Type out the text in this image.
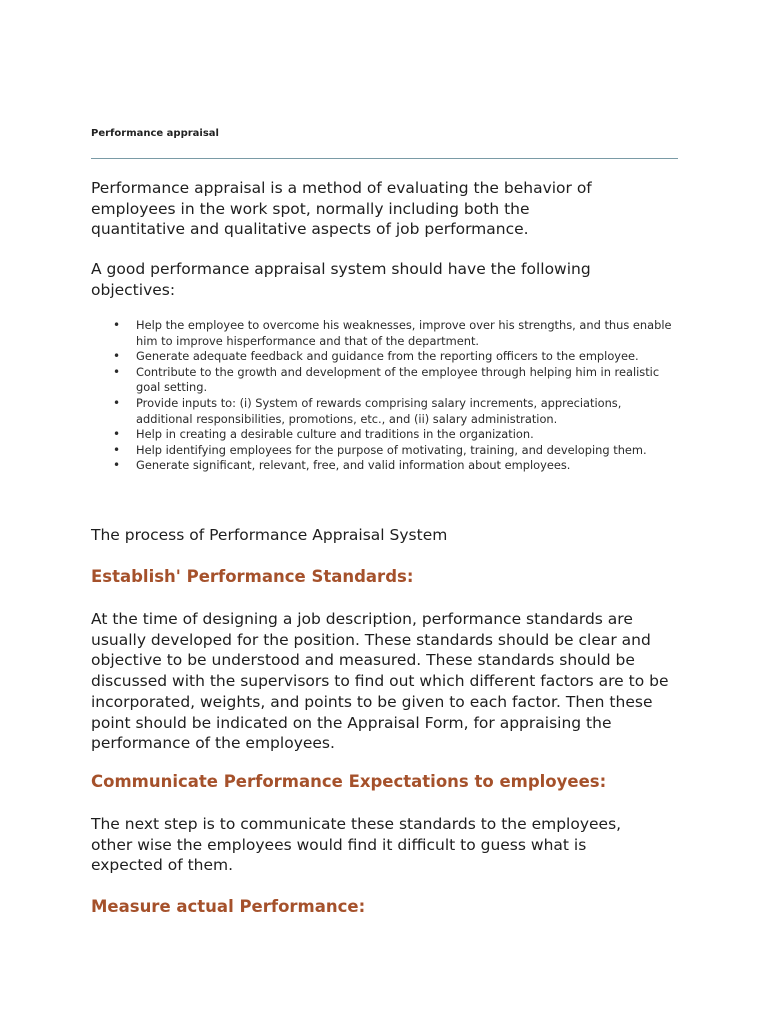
Performance appraisal

Performance appraisal is a method of evaluating the behavior of employees in the work spot, normally including both the quantitative and qualitative aspects of job performance.

A good performance appraisal system should have the following objectives:

• Help the employee to overcome his weaknesses, improve over his strengths, and thus enable him to improve hisperformance and that of the department.
• Generate adequate feedback and guidance from the reporting officers to the employee.
• Contribute to the growth and development of the employee through helping him in realistic goal setting.
• Provide inputs to: (i) System of rewards comprising salary increments, appreciations, additional responsibilities, promotions, etc., and (ii) salary administration.
• Help in creating a desirable culture and traditions in the organization.
• Help identifying employees for the purpose of motivating, training, and developing them.
• Generate significant, relevant, free, and valid information about employees.

The process of Performance Appraisal System

Establish' Performance Standards:

At the time of designing a job description, performance standards are usually developed for the position. These standards should be clear and objective to be understood and measured. These standards should be discussed with the supervisors to find out which different factors are to be incorporated, weights, and points to be given to each factor. Then these point should be indicated on the Appraisal Form, for appraising the performance of the employees.

Communicate Performance Expectations to employees:

The next step is to communicate these standards to the employees, other wise the employees would find it difficult to guess what is expected of them.

Measure actual Performance:
